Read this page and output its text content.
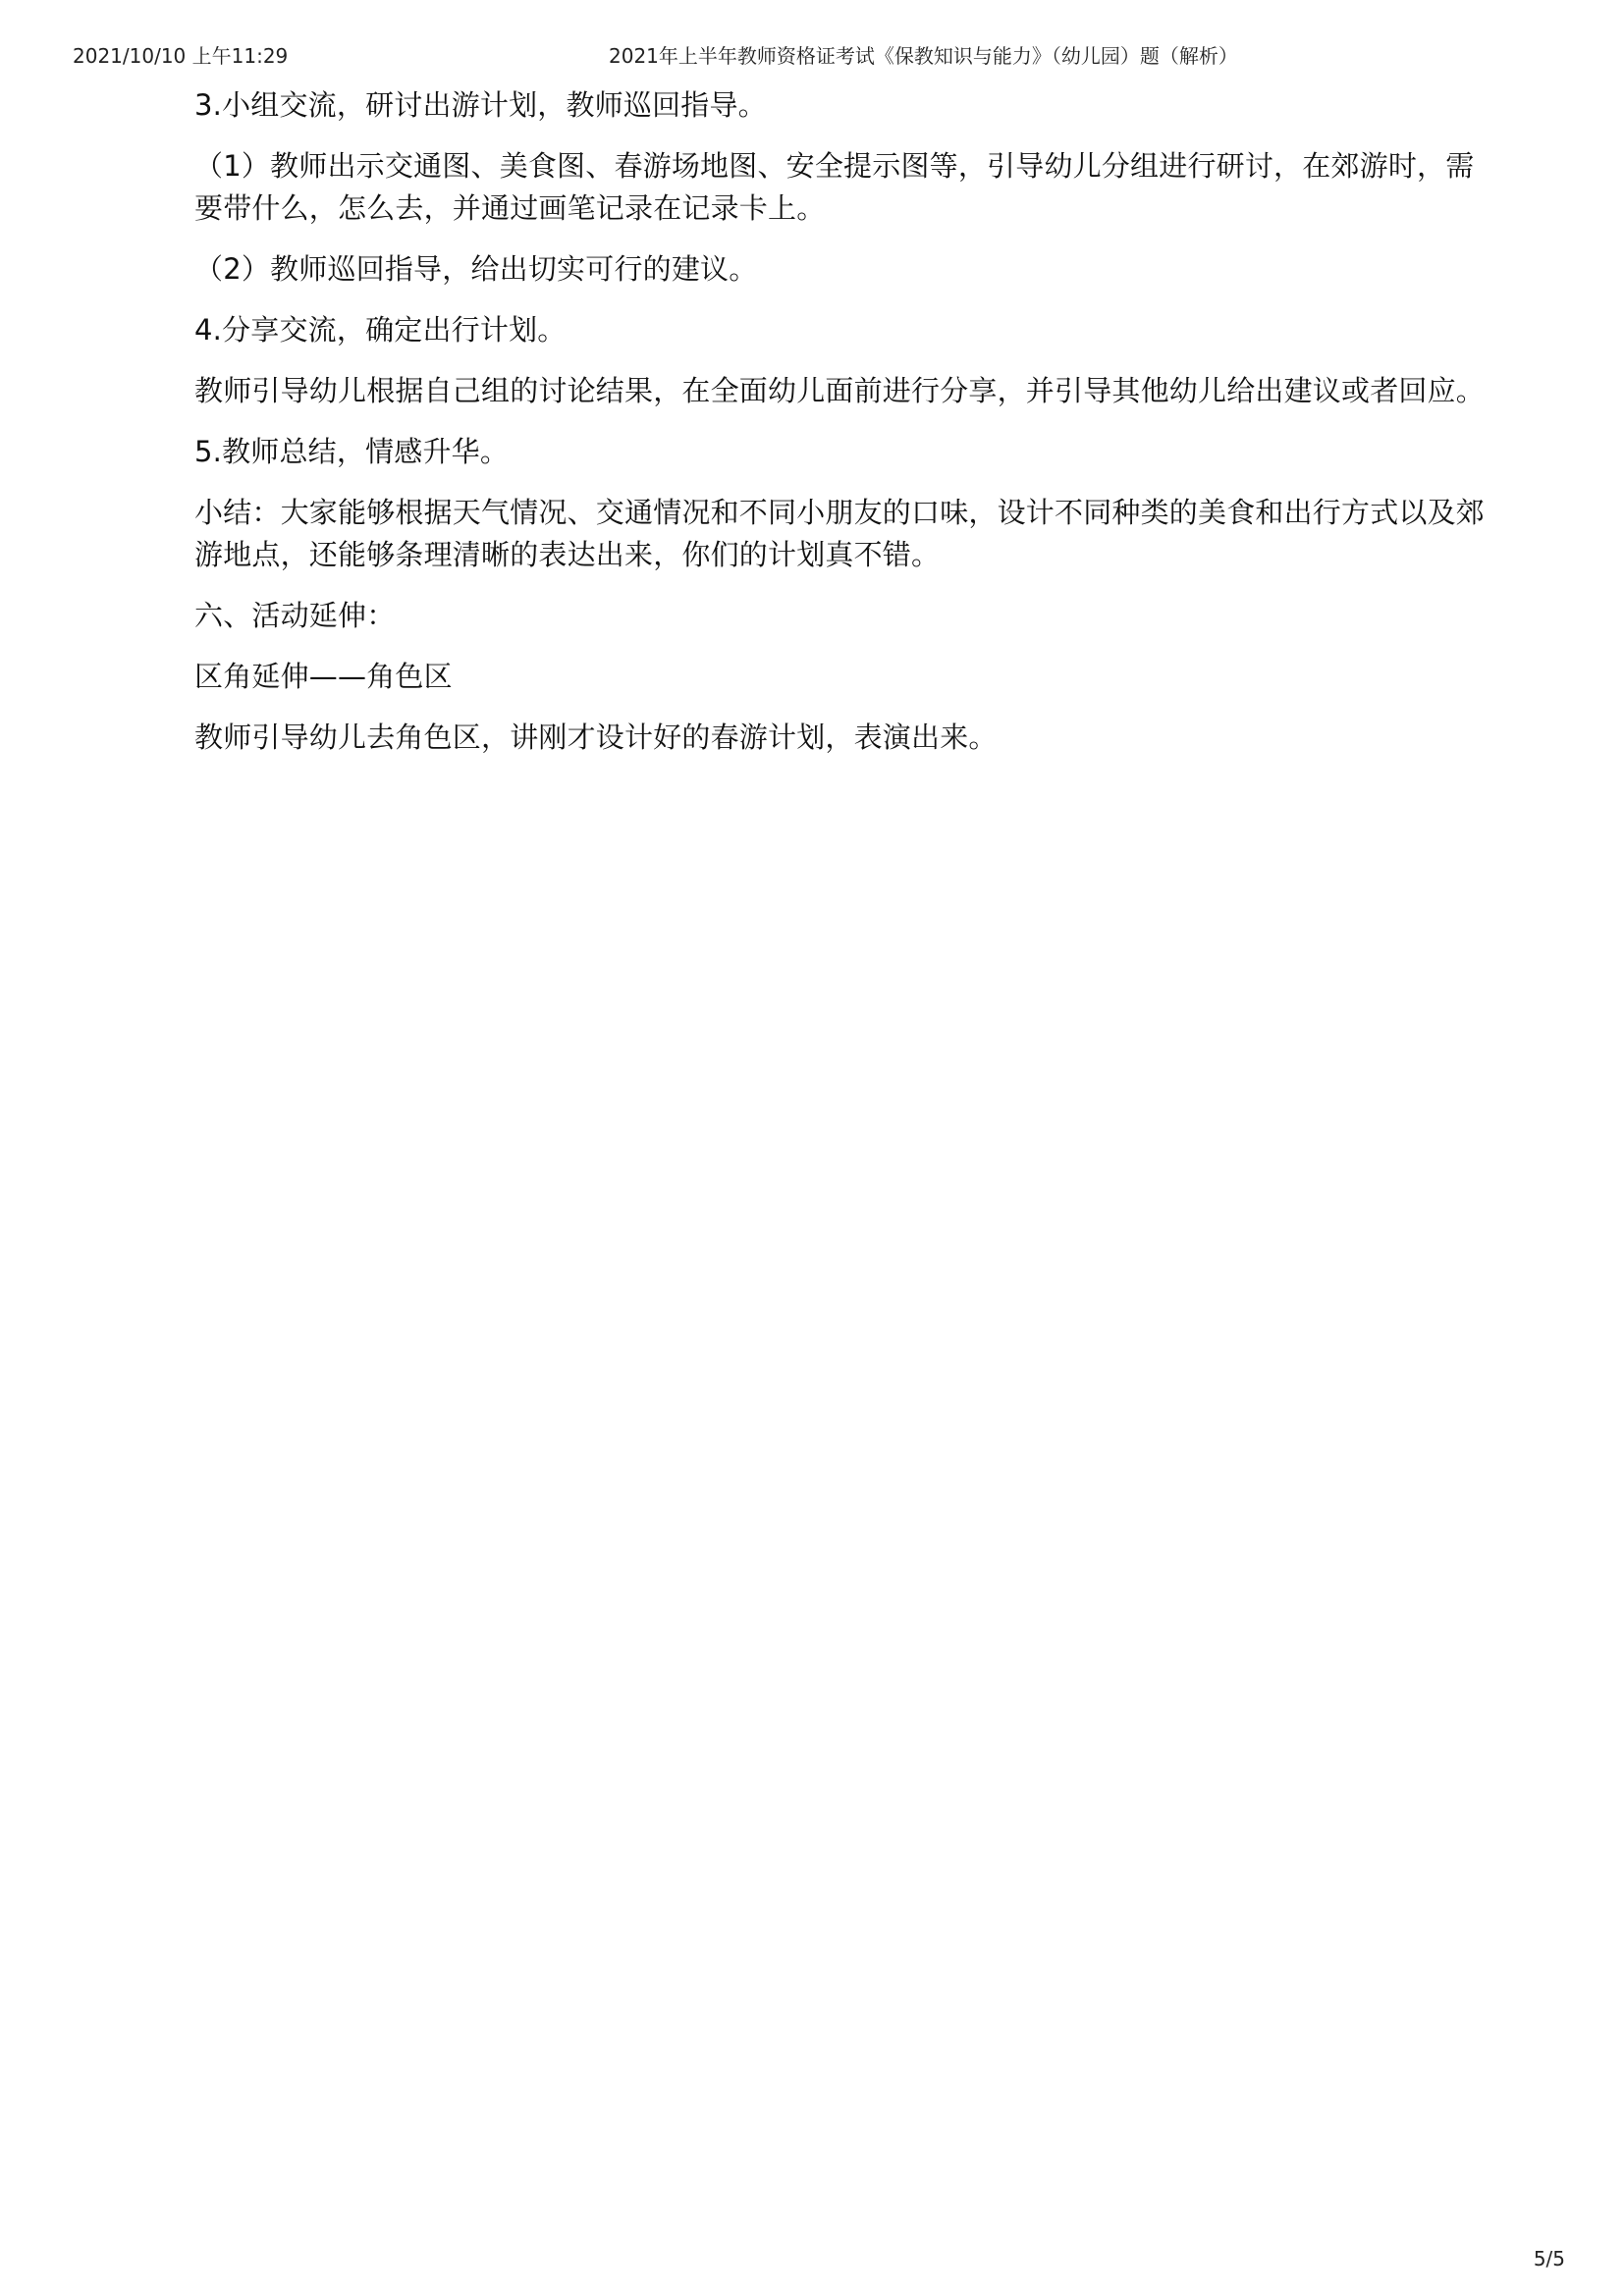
2021/10/10 上午11:29	2021年上半年教师资格证考试《保教知识与能力》（幼儿园）题（解析）

3.小组交流，研讨出游计划，教师巡回指导。

（1）教师出示交通图、美食图、春游场地图、安全提示图等，引导幼儿分组进行研讨，在郊游时，需要带什么，怎么去，并通过画笔记录在记录卡上。

（2）教师巡回指导，给出切实可行的建议。

4.分享交流，确定出行计划。

教师引导幼儿根据自己组的讨论结果，在全面幼儿面前进行分享，并引导其他幼儿给出建议或者回应。

5.教师总结，情感升华。

小结：大家能够根据天气情况、交通情况和不同小朋友的口味，设计不同种类的美食和出行方式以及郊游地点，还能够条理清晰的表达出来，你们的计划真不错。

六、活动延伸：

区角延伸——角色区

教师引导幼儿去角色区，讲刚才设计好的春游计划，表演出来。

5/5
